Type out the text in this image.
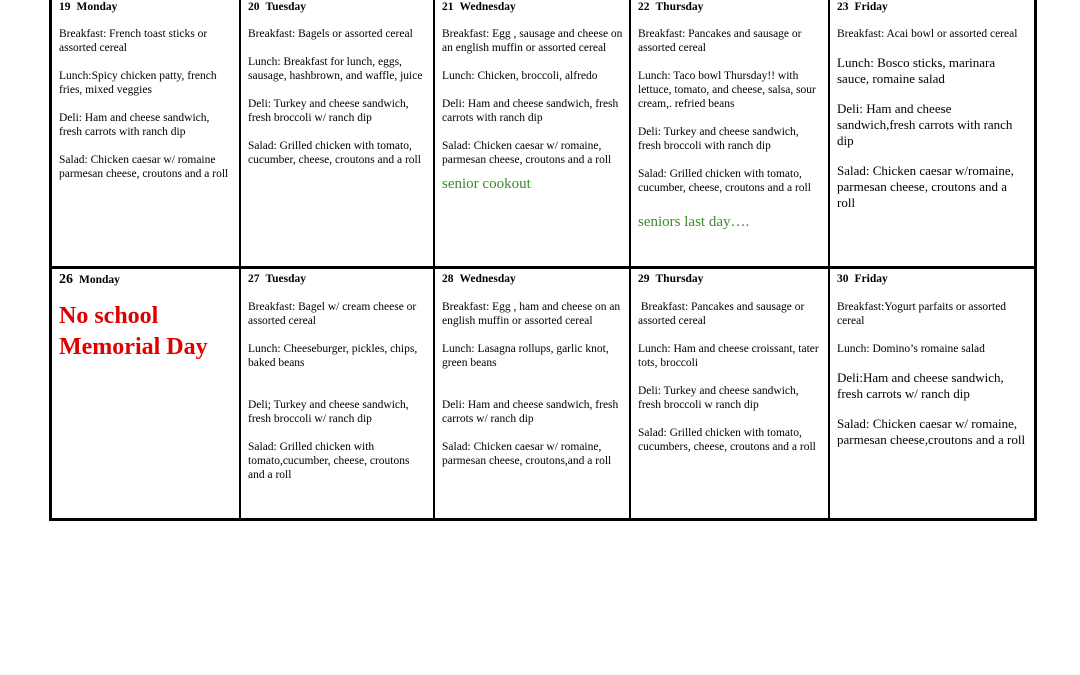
19 Monday

Breakfast: French toast sticks or assorted cereal

Lunch:Spicy chicken patty, french fries, mixed veggies

Deli: Ham and cheese sandwich, fresh carrots with ranch dip

Salad: Chicken caesar w/ romaine parmesan cheese, croutons and a roll

20 Tuesday

Breakfast: Bagels or assorted cereal

Lunch: Breakfast for lunch, eggs, sausage, hashbrown, and waffle, juice

Deli: Turkey and cheese sandwich, fresh broccoli w/ ranch dip

Salad: Grilled chicken with tomato, cucumber, cheese, croutons and a roll

21 Wednesday

Breakfast: Egg , sausage and cheese on an english muffin or assorted cereal

Lunch: Chicken, broccoli, alfredo

Deli: Ham and cheese sandwich, fresh carrots with ranch dip

Salad: Chicken caesar w/ romaine, parmesan cheese, croutons and a roll

senior cookout
22 Thursday

Breakfast: Pancakes and sausage or assorted cereal

Lunch: Taco bowl Thursday!! with lettuce, tomato, and cheese, salsa, sour cream,. refried beans

Deli: Turkey and cheese sandwich, fresh broccoli with ranch dip

Salad: Grilled chicken with tomato, cucumber, cheese, croutons and a roll

seniors last day….
23 Friday

Breakfast: Acai bowl or assorted cereal

Lunch: Bosco sticks, marinara sauce, romaine salad

Deli: Ham and cheese sandwich,fresh carrots with ranch dip

Salad: Chicken caesar w/romaine, parmesan cheese, croutons and a roll

26 Monday
No school Memorial Day
27 Tuesday

Breakfast: Bagel w/ cream cheese or assorted cereal

Lunch: Cheeseburger, pickles, chips, baked beans

Deli; Turkey and cheese sandwich, fresh broccoli w/ ranch dip

Salad: Grilled chicken with tomato,cucumber, cheese, croutons and a roll

28 Wednesday

Breakfast: Egg , ham and cheese on an english muffin or assorted cereal

Lunch: Lasagna rollups, garlic knot, green beans

Deli: Ham and cheese sandwich, fresh carrots w/ ranch dip

Salad: Chicken caesar w/ romaine, parmesan cheese, croutons,and a roll

29 Thursday

Breakfast: Pancakes and sausage or assorted cereal

Lunch: Ham and cheese croissant, tater tots, broccoli

Deli: Turkey and cheese sandwich, fresh broccoli w ranch dip

Salad: Grilled chicken with tomato, cucumbers, cheese, croutons and a roll

30 Friday

Breakfast:Yogurt parfaits or assorted cereal

Lunch: Domino’s romaine salad

Deli:Ham and cheese sandwich, fresh carrots w/ ranch dip

Salad: Chicken caesar w/ romaine, parmesan cheese,croutons and a roll
